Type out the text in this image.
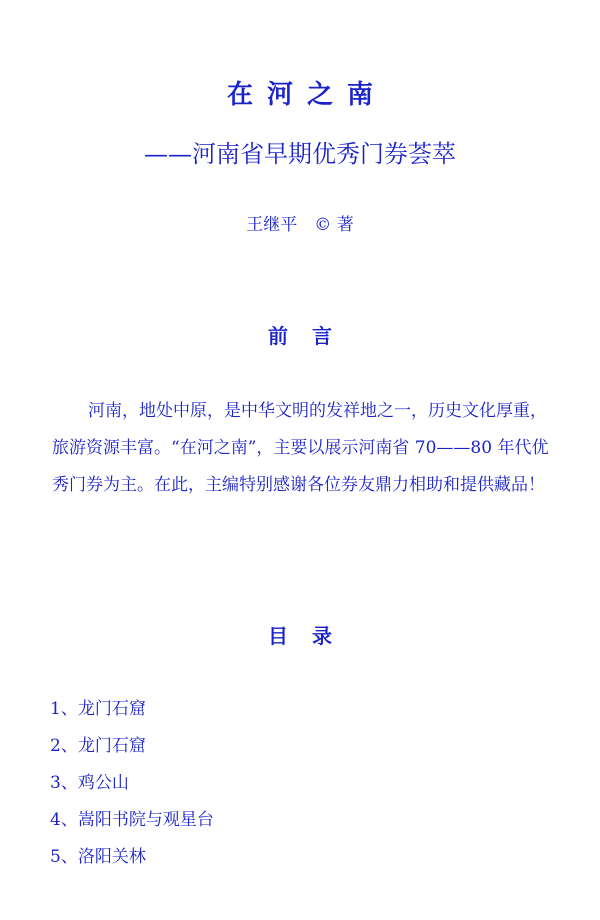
在河之南
——河南省早期优秀门券荟萃
王继平　© 著
前言

河南，地处中原，是中华文明的发祥地之一，历史文化厚重，旅游资源丰富。“在河之南”，主要以展示河南省 70——80 年代优秀门券为主。在此，主编特别感谢各位券友鼎力相助和提供藏品！

目录
1、龙门石窟
2、龙门石窟
3、鸡公山
4、嵩阳书院与观星台
5、洛阳关林
